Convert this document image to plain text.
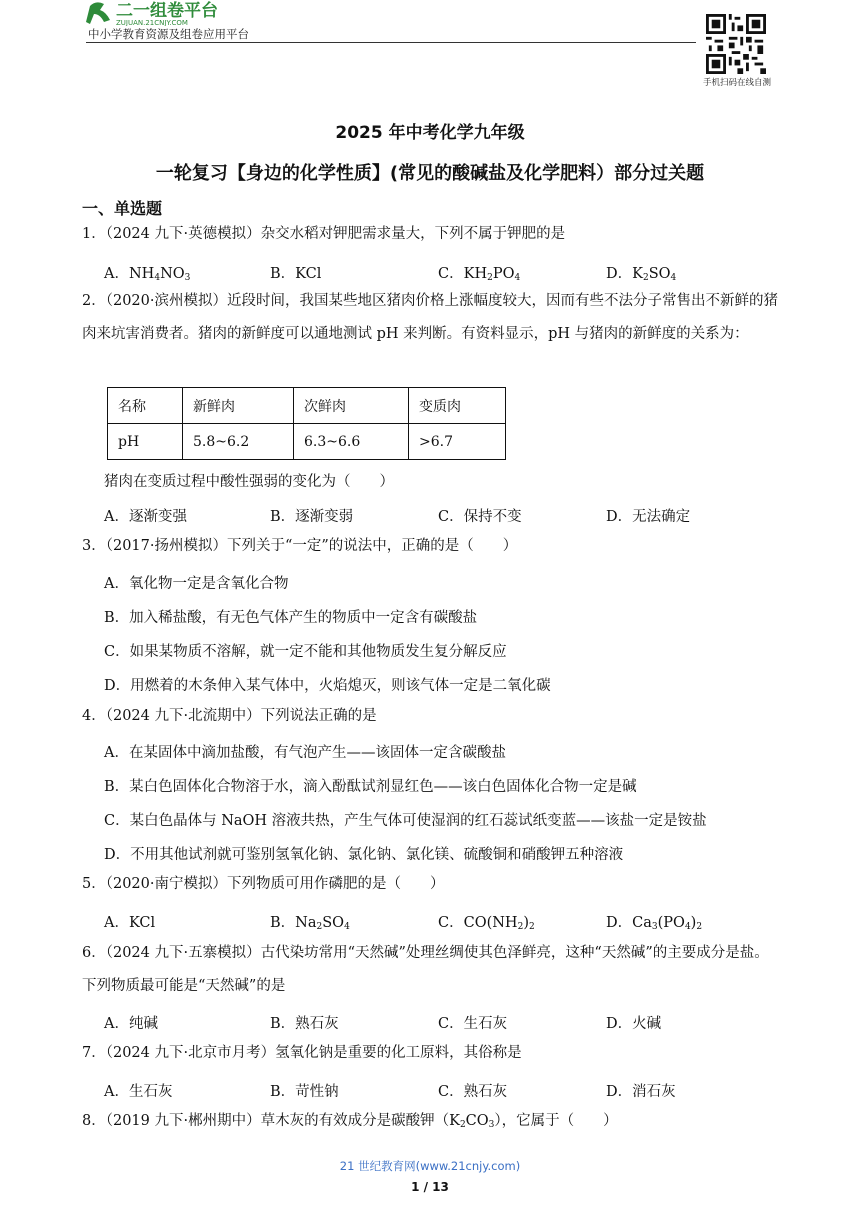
二一组卷平台
ZUJUAN.21CNJY.COM
中小学教育资源及组卷应用平台
手机扫码在线自测
2025 年中考化学九年级
一轮复习【身边的化学性质】(常见的酸碱盐及化学肥料）部分过关题
一、单选题
1．（2024 九下·英德模拟）杂交水稻对钾肥需求量大，下列不属于钾肥的是
A．$NH_4NO_3$	B．KCl	C．$KH_2PO_4$	D．$K_2SO_4$
2．（2020·滨州模拟）近段时间，我国某些地区猪肉价格上涨幅度较大，因而有些不法分子常售出不新鲜的猪肉来坑害消费者。猪肉的新鲜度可以通地测试 pH 来判断。有资料显示，pH 与猪肉的新鲜度的关系为：
名称	新鲜肉	次鲜肉	变质肉
pH	5.8~6.2	6.3~6.6	>6.7
猪肉在变质过程中酸性强弱的变化为（　　）
A．逐渐变强	B．逐渐变弱	C．保持不变	D．无法确定
3．（2017·扬州模拟）下列关于“一定”的说法中，正确的是（　　）
A．氧化物一定是含氧化合物
B．加入稀盐酸，有无色气体产生的物质中一定含有碳酸盐
C．如果某物质不溶解，就一定不能和其他物质发生复分解反应
D．用燃着的木条伸入某气体中，火焰熄灭，则该气体一定是二氧化碳
4．（2024 九下·北流期中）下列说法正确的是
A．在某固体中滴加盐酸，有气泡产生——该固体一定含碳酸盐
B．某白色固体化合物溶于水，滴入酚酞试剂显红色——该白色固体化合物一定是碱
C．某白色晶体与 NaOH 溶液共热，产生气体可使湿润的红石蕊试纸变蓝——该盐一定是铵盐
D．不用其他试剂就可鉴别氢氧化钠、氯化钠、氯化镁、硫酸铜和硝酸钾五种溶液
5．（2020·南宁模拟）下列物质可用作磷肥的是（　　）
A．KCl	B．$Na_2SO_4$	C．$CO(NH_2)_2$	D．$Ca_3(PO_4)_2$
6．（2024 九下·五寨模拟）古代染坊常用“天然碱”处理丝绸使其色泽鲜亮，这种“天然碱”的主要成分是盐。下列物质最可能是“天然碱”的是
A．纯碱	B．熟石灰	C．生石灰	D．火碱
7．（2024 九下·北京市月考）氢氧化钠是重要的化工原料，其俗称是
A．生石灰	B．苛性钠	C．熟石灰	D．消石灰
8．（2019 九下·郴州期中）草木灰的有效成分是碳酸钾$(K_2CO_3)$，它属于（　　）
21 世纪教育网(www.21cnjy.com)
1 / 13
